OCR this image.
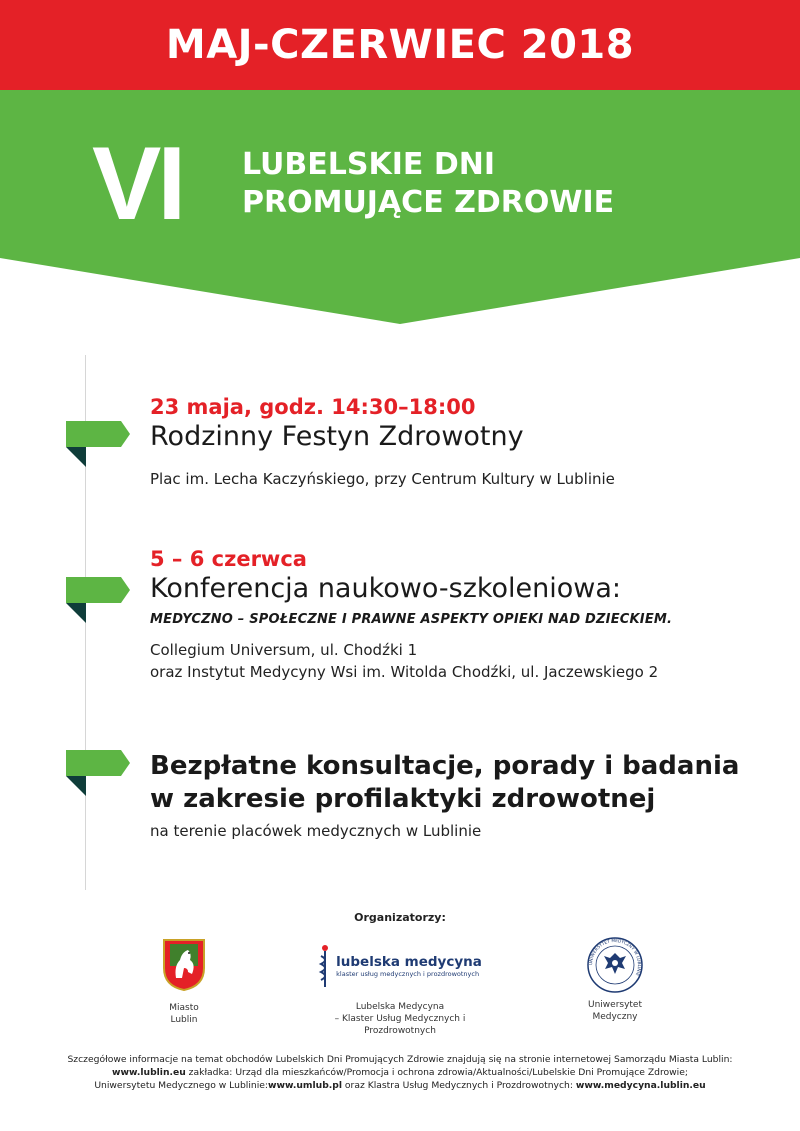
MAJ-CZERWIEC 2018
VI LUBELSKIE DNI
PROMUJĄCE ZDROWIE
23 maja, godz. 14:30–18:00
Rodzinny Festyn Zdrowotny
Plac im. Lecha Kaczyńskiego, przy Centrum Kultury w Lublinie
5 – 6 czerwca
Konferencja naukowo-szkoleniowa:
MEDYCZNO – SPOŁECZNE I PRAWNE ASPEKTY OPIEKI NAD DZIECKIEM.
Collegium Universum, ul. Chodźki 1
oraz Instytut Medycyny Wsi im. Witolda Chodźki, ul. Jaczewskiego 2
Bezpłatne konsultacje, porady i badania
w zakresie profilaktyki zdrowotnej
na terenie placówek medycznych w Lublinie
Organizatorzy:
Miasto
Lublin
lubelska medycyna
klaster usług medycznych i prozdrowotnych
Lubelska Medycyna
– Klaster Usług Medycznych i Prozdrowotnych
UNIWERSYTET MEDYCZNY W LUBLINIE
Uniwersytet
Medyczny
Szczegółowe informacje na temat obchodów Lubelskich Dni Promujących Zdrowie znajdują się na stronie internetowej Samorządu Miasta Lublin:
www.lublin.eu zakładka: Urząd dla mieszkańców/Promocja i ochrona zdrowia/Aktualności/Lubelskie Dni Promujące Zdrowie;
Uniwersytetu Medycznego w Lublinie:www.umlub.pl oraz Klastra Usług Medycznych i Prozdrowotnych: www.medycyna.lublin.eu
